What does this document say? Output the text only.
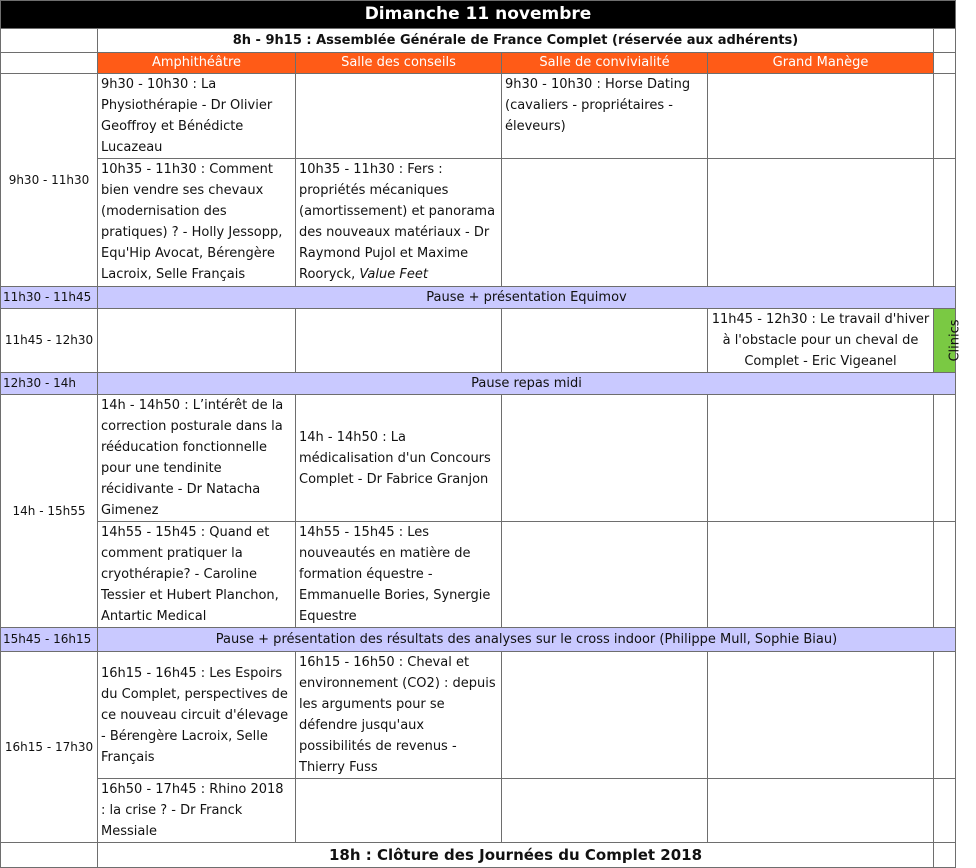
Dimanche 11 novembre					
	8h - 9h15 : Assemblée Générale de France Complet (réservée aux adhérents)				
	Amphithéâtre	Salle des conseils	Salle de convivialité	Grand Manège	
9h30 - 11h30	9h30 - 10h30 : La Physiothérapie - Dr Olivier Geoffroy et Bénédicte Lucazeau		9h30 - 10h30 : Horse Dating (cavaliers - propriétaires - éleveurs)		
	10h35 - 11h30 : Comment bien vendre ses chevaux (modernisation des pratiques) ? - Holly Jessopp, Equ'Hip Avocat, Bérengère Lacroix, Selle Français	10h35 - 11h30 : Fers : propriétés mécaniques (amortissement) et panorama des nouveaux matériaux - Dr Raymond Pujol et Maxime Rooryck, Value Feet			
11h30 - 11h45	Pause + présentation Equimov				
11h45 - 12h30				11h45 - 12h30 : Le travail d'hiver à l'obstacle pour un cheval de Complet - Eric Vigeanel	Clinics
12h30 - 14h	Pause repas midi				
14h - 15h55	14h - 14h50 : L’intérêt de la correction posturale dans la rééducation fonctionnelle pour une tendinite récidivante - Dr Natacha Gimenez	14h - 14h50 : La médicalisation d'un Concours Complet - Dr Fabrice Granjon			
	14h55 - 15h45 : Quand et comment pratiquer la cryothérapie? - Caroline Tessier et Hubert Planchon, Antartic Medical	14h55 - 15h45 : Les nouveautés en matière de formation équestre - Emmanuelle Bories, Synergie Equestre			
15h45 - 16h15	Pause + présentation des résultats des analyses sur le cross indoor (Philippe Mull, Sophie Biau)				
16h15 - 17h30	16h15 - 16h45 : Les Espoirs du Complet, perspectives de ce nouveau circuit d'élevage - Bérengère Lacroix, Selle Français	16h15 - 16h50 : Cheval et environnement (CO2) : depuis les arguments pour se défendre jusqu'aux possibilités de revenus - Thierry Fuss			
	16h50 - 17h45 : Rhino 2018 : la crise ? - Dr Franck Messiale				
	18h : Clôture des Journées du Complet 2018				
